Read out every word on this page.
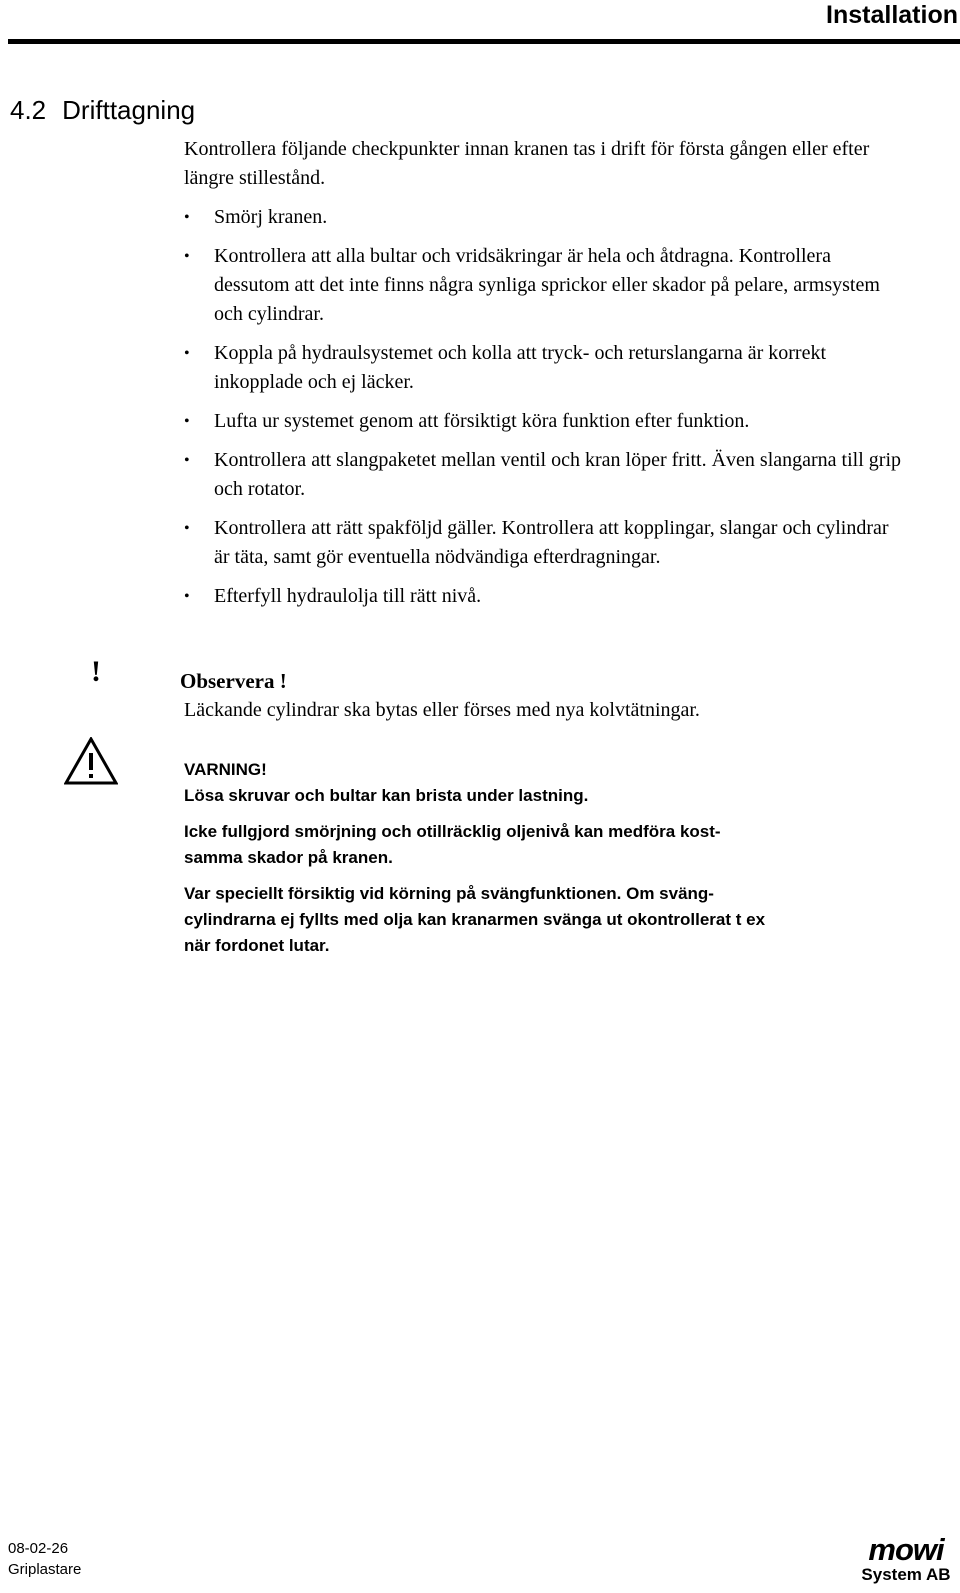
Installation
4.2 Drifttagning
Kontrollera följande checkpunkter innan kranen tas i drift för första gången eller efter längre stillestånd.
• Smörj kranen.
• Kontrollera att alla bultar och vridsäkringar är hela och åtdragna. Kontrollera dessutom att det inte finns några synliga sprickor eller skador på pelare, armsystem och cylindrar.
• Koppla på hydraulsystemet och kolla att tryck- och returslangarna är korrekt inkopplade och ej läcker.
• Lufta ur systemet genom att försiktigt köra funktion efter funktion.
• Kontrollera att slangpaketet mellan ventil och kran löper fritt. Även slangarna till grip och rotator.
• Kontrollera att rätt spakföljd gäller. Kontrollera att kopplingar, slangar och cylindrar är täta, samt gör eventuella nödvändiga efterdragningar.
• Efterfyll hydraulolja till rätt nivå.
!	Observera !
Läckande cylindrar ska bytas eller förses med nya kolvtätningar.
VARNING!
Lösa skruvar och bultar kan brista under lastning.
Icke fullgjord smörjning och otillräcklig oljenivå kan medföra kost-
samma skador på kranen.
Var speciellt försiktig vid körning på svängfunktionen. Om sväng-
cylindrarna ej fyllts med olja kan kranarmen svänga ut okontrollerat t ex
när fordonet lutar.
08-02-26
Griplastare
mowi
System AB
